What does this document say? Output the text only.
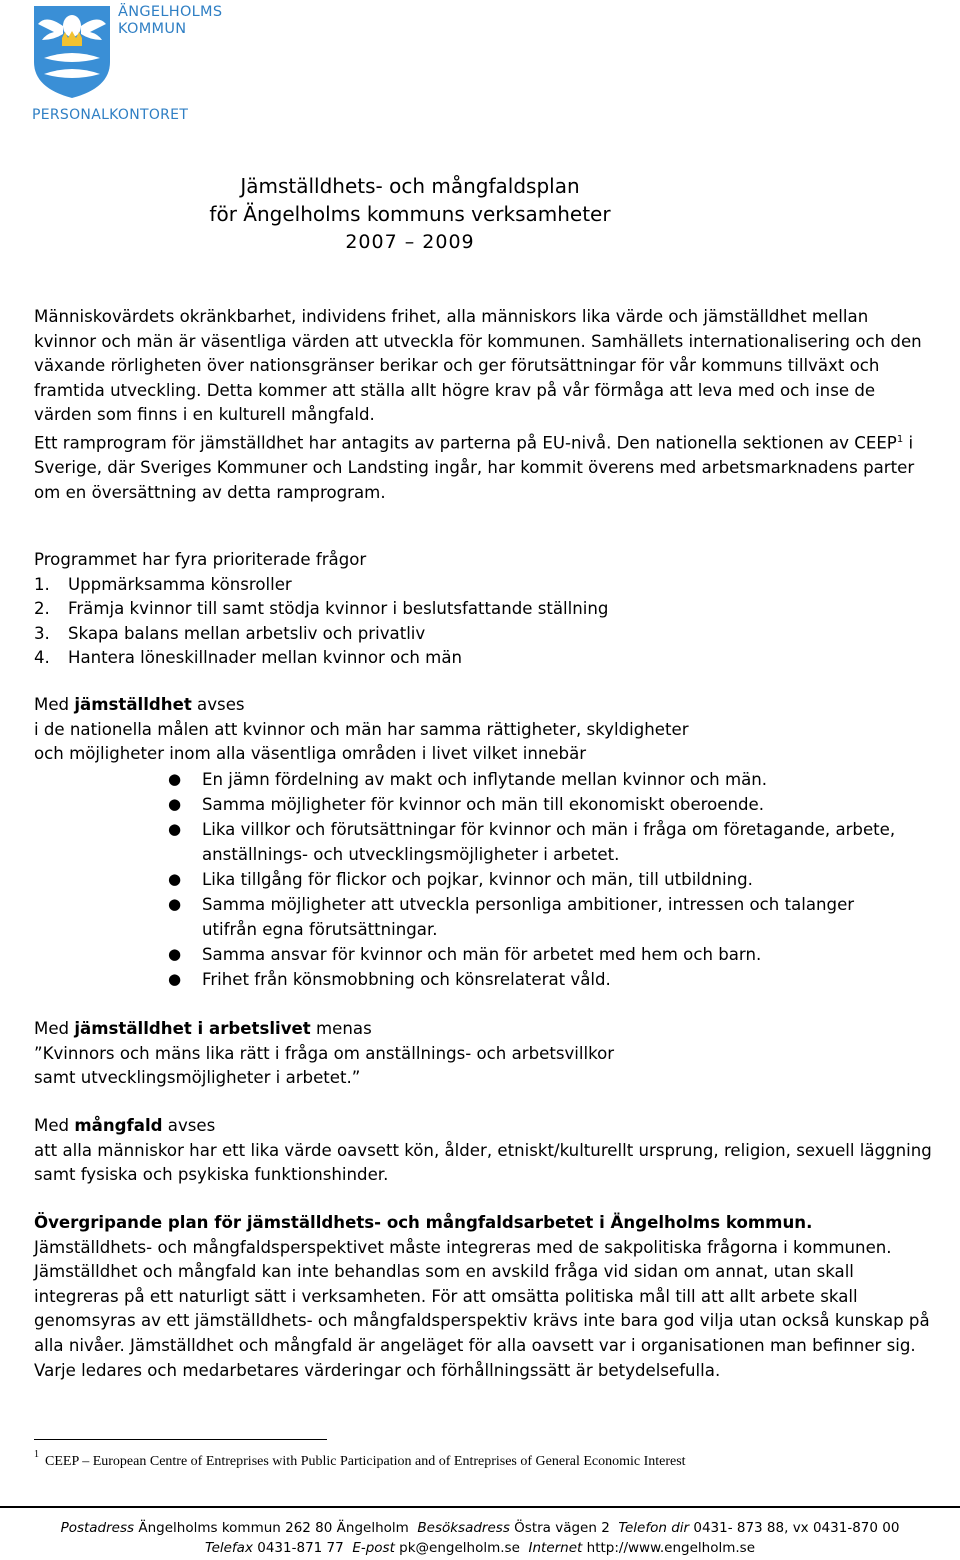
ÄNGELHOLMS
KOMMUN
PERSONALKONTORET
Jämställdhets- och mångfaldsplan
för Ängelholms kommuns verksamheter
2007 – 2009

Människovärdets okränkbarhet, individens frihet, alla människors lika värde och jämställdhet mellan kvinnor och män är väsentliga värden att utveckla för kommunen. Samhällets internationalisering och den växande rörligheten över nationsgränser berikar och ger förutsättningar för vår kommuns tillväxt och framtida utveckling. Detta kommer att ställa allt högre krav på vår förmåga att leva med och inse de värden som finns i en kulturell mångfald.

Ett ramprogram för jämställdhet har antagits av parterna på EU-nivå. Den nationella sektionen av CEEP$^1$ i Sverige, där Sveriges Kommuner och Landsting ingår, har kommit överens med arbetsmarknadens parter om en översättning av detta ramprogram.

Programmet har fyra prioriterade frågor
1.	Uppmärksamma könsroller
2.	Främja kvinnor till samt stödja kvinnor i beslutsfattande ställning
3.	Skapa balans mellan arbetsliv och privatliv
4.	Hantera löneskillnader mellan kvinnor och män

Med jämställdhet avses

i de nationella målen att kvinnor och män har samma rättigheter, skyldigheter

och möjligheter inom alla väsentliga områden i livet vilket innebär

●	En jämn fördelning av makt och inflytande mellan kvinnor och män.
●	Samma möjligheter för kvinnor och män till ekonomiskt oberoende.
●	Lika villkor och förutsättningar för kvinnor och män i fråga om företagande, arbete, anställnings- och utvecklingsmöjligheter i arbetet.
●	Lika tillgång för flickor och pojkar, kvinnor och män, till utbildning.
●	Samma möjligheter att utveckla personliga ambitioner, intressen och talanger utifrån egna förutsättningar.
●	Samma ansvar för kvinnor och män för arbetet med hem och barn.
●	Frihet från könsmobbning och könsrelaterat våld.

Med jämställdhet i arbetslivet menas

”Kvinnors och mäns lika rätt i fråga om anställnings- och arbetsvillkor

samt utvecklingsmöjligheter i arbetet.”

Med mångfald avses

att alla människor har ett lika värde oavsett kön, ålder, etniskt/kulturellt ursprung, religion, sexuell läggning samt fysiska och psykiska funktionshinder.

Övergripande plan för jämställdhets- och mångfaldsarbetet i Ängelholms kommun.

Jämställdhets- och mångfaldsperspektivet måste integreras med de sakpolitiska frågorna i kommunen. Jämställdhet och mångfald kan inte behandlas som en avskild fråga vid sidan om annat, utan skall integreras på ett naturligt sätt i verksamheten. För att omsätta politiska mål till att allt arbete skall genomsyras av ett jämställdhets- och mångfaldsperspektiv krävs inte bara god vilja utan också kunskap på alla nivåer. Jämställdhet och mångfald är angeläget för alla oavsett var i organisationen man befinner sig. Varje ledares och medarbetares värderingar och förhållningssätt är betydelsefulla.

$^1$ CEEP – European Centre of Entreprises with Public Participation and of Entreprises of General Economic Interest
Postadress Ängelholms kommun 262 80 Ängelholm Besöksadress Östra vägen 2 Telefon dir 0431- 873 88, vx 0431-870 00
Telefax 0431-871 77 E-post pk@engelholm.se Internet http://www.engelholm.se
